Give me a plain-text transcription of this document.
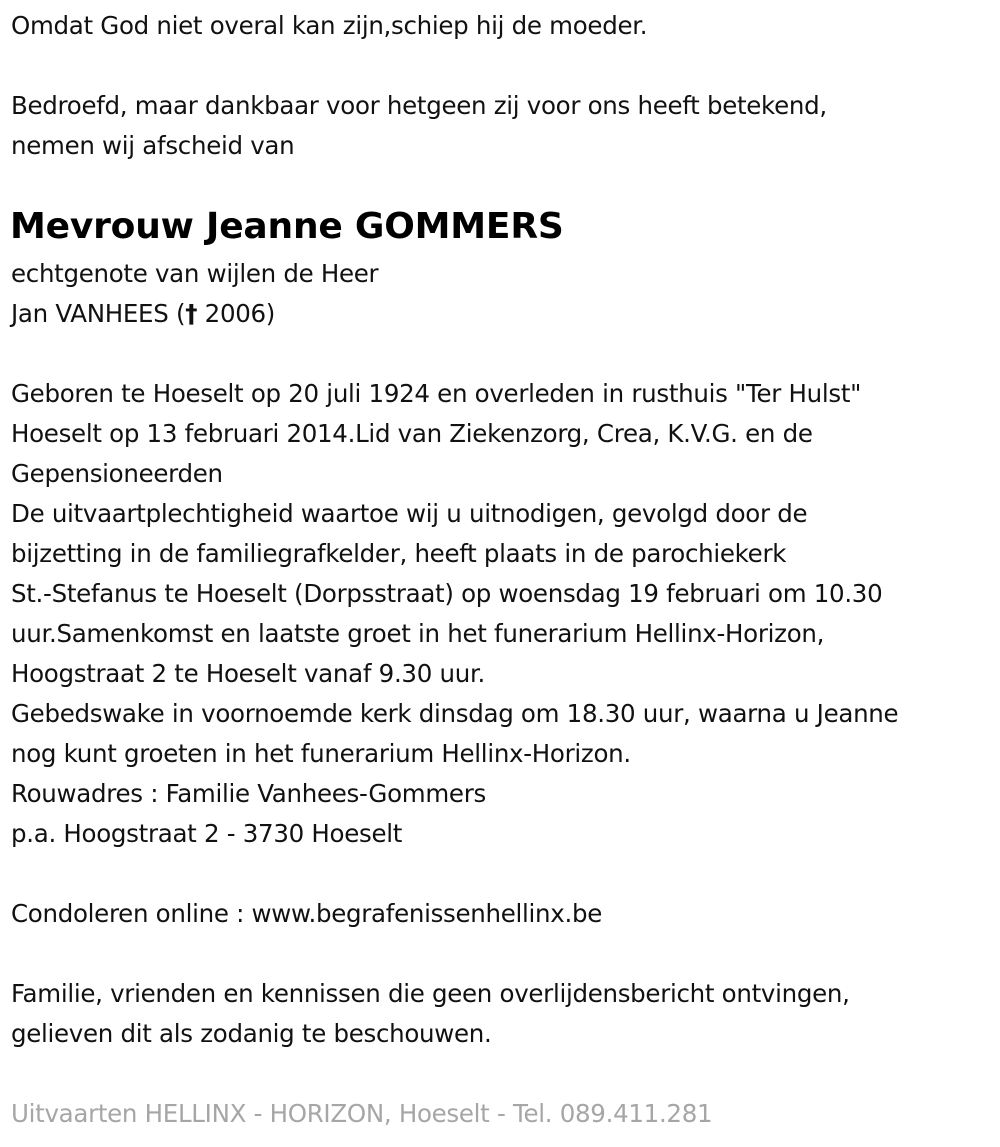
Omdat God niet overal kan zijn,schiep hij de moeder.
Bedroefd, maar dankbaar voor hetgeen zij voor ons heeft betekend,
nemen wij afscheid van
Mevrouw Jeanne GOMMERS
echtgenote van wijlen de Heer
Jan VANHEES († 2006)
Geboren te Hoeselt op 20 juli 1924 en overleden in rusthuis "Ter Hulst"
Hoeselt op 13 februari 2014.Lid van Ziekenzorg, Crea, K.V.G. en de
Gepensioneerden
De uitvaartplechtigheid waartoe wij u uitnodigen, gevolgd door de
bijzetting in de familiegrafkelder, heeft plaats in de parochiekerk
St.-Stefanus te Hoeselt (Dorpsstraat) op woensdag 19 februari om 10.30
uur.Samenkomst en laatste groet in het funerarium Hellinx-Horizon,
Hoogstraat 2 te Hoeselt vanaf 9.30 uur.
Gebedswake in voornoemde kerk dinsdag om 18.30 uur, waarna u Jeanne
nog kunt groeten in het funerarium Hellinx-Horizon.
Rouwadres : Familie Vanhees-Gommers
p.a. Hoogstraat 2 - 3730 Hoeselt
Condoleren online : www.begrafenissenhellinx.be
Familie, vrienden en kennissen die geen overlijdensbericht ontvingen,
gelieven dit als zodanig te beschouwen.
Uitvaarten HELLINX - HORIZON, Hoeselt - Tel. 089.411.281
